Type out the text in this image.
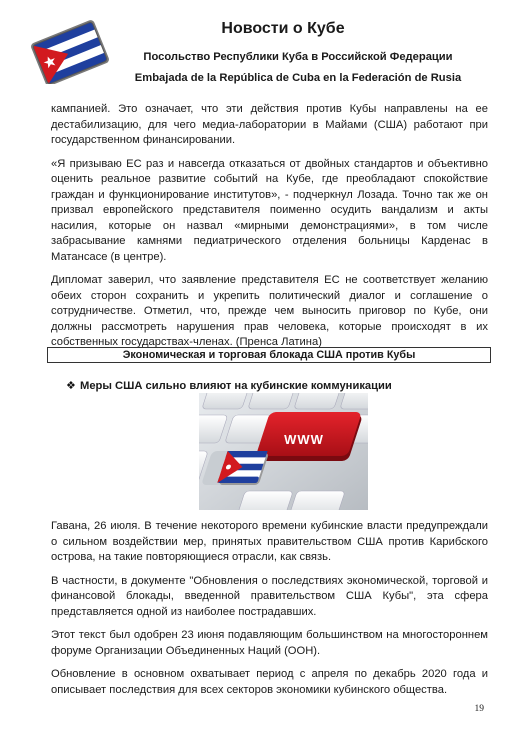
Новости о Кубе
Посольство Республики Куба в Российской Федерации
Embajada de la República de Cuba en la Federación de Rusia

кампанией. Это означает, что эти действия против Кубы направлены на ее дестабилизацию, для чего медиа-лаборатории в Майами (США) работают при государственном финансировании.

«Я призываю ЕС раз и навсегда отказаться от двойных стандартов и объективно оценить реальное развитие событий на Кубе, где преобладают спокойствие граждан и функционирование институтов», - подчеркнул Лозада. Точно так же он призвал европейского представителя поименно осудить вандализм и акты насилия, которые он назвал «мирными демонстрациями», в том числе забрасывание камнями педиатрического отделения больницы Карденас в Матансасе (в центре).

Дипломат заверил, что заявление представителя ЕС не соответствует желанию обеих сторон сохранить и укрепить политический диалог и соглашение о сотрудничестве. Отметил, что, прежде чем выносить приговор по Кубе, они должны рассмотреть нарушения прав человека, которые происходят в их собственных государствах-членах. (Пренса Латина)

Экономическая и торговая блокада США против Кубы
❖ Меры США сильно влияют на кубинские коммуникации
WWW

Гавана, 26 июля. В течение некоторого времени кубинские власти предупреждали о сильном воздействии мер, принятых правительством США против Карибского острова, на такие повторяющиеся отрасли, как связь.

В частности, в документе "Обновления о последствиях экономической, торговой и финансовой блокады, введенной правительством США Кубы", эта сфера представляется одной из наиболее пострадавших.

Этот текст был одобрен 23 июня подавляющим большинством на многостороннем форуме Организации Объединенных Наций (ООН).

Обновление в основном охватывает период с апреля по декабрь 2020 года и описывает последствия для всех секторов экономики кубинского общества.

19
